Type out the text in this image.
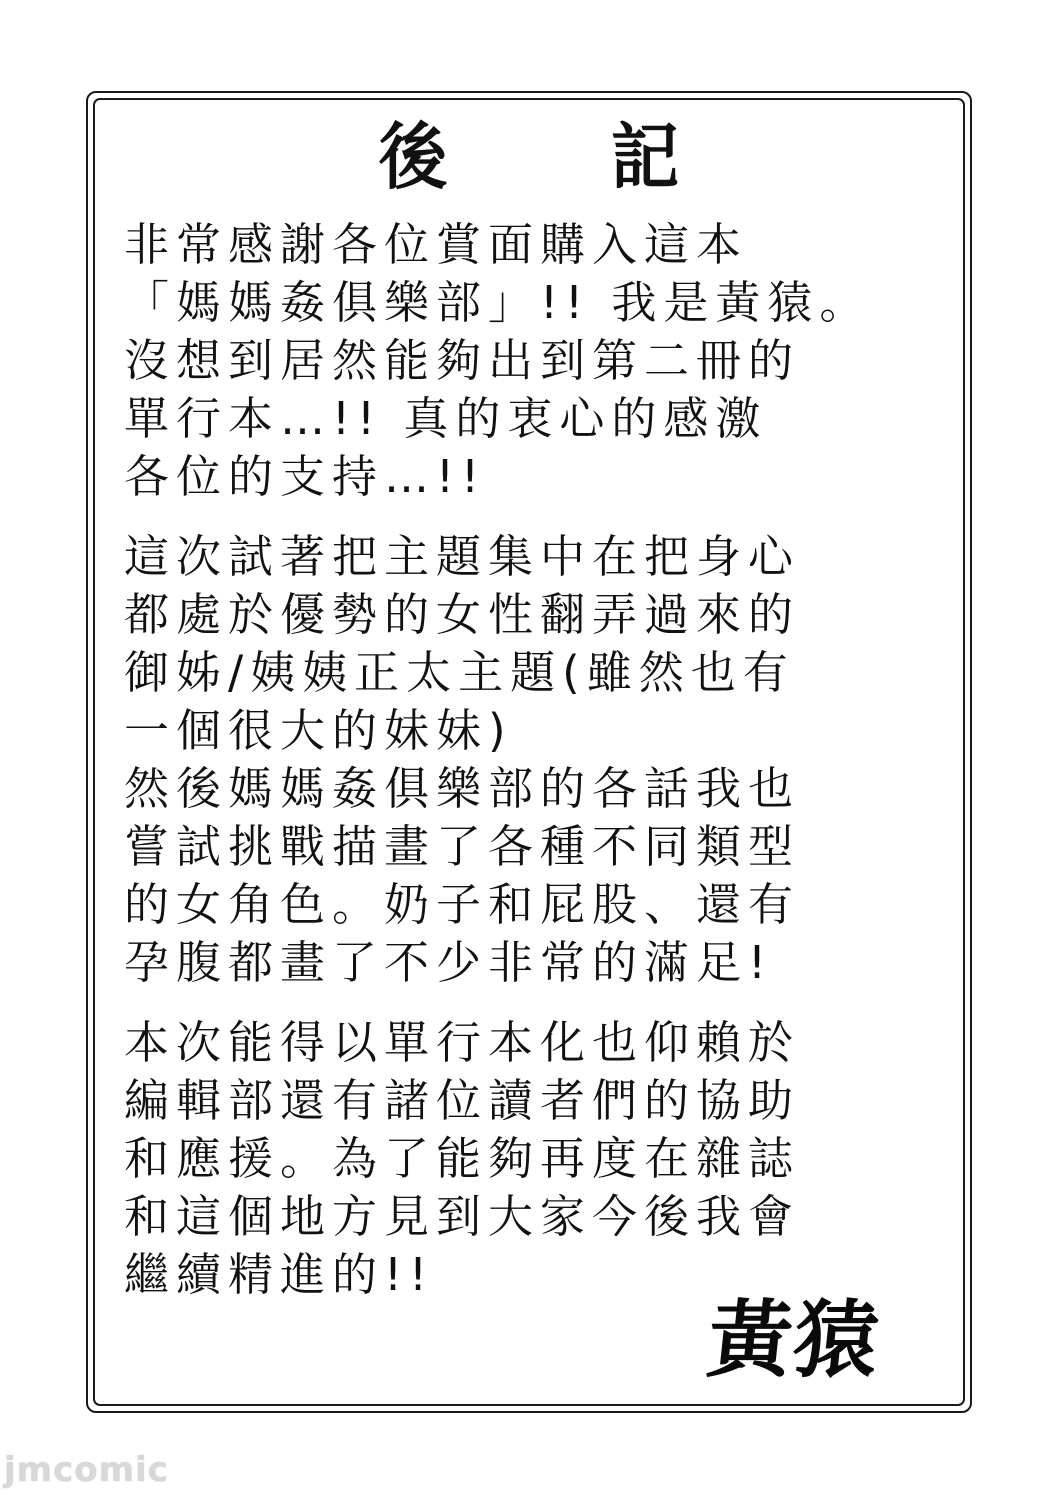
後 記
非常感謝各位賞面購入這本
「媽媽姦俱樂部」!! 我是黃猿。
沒想到居然能夠出到第二冊的
單行本…!! 真的衷心的感激
各位的支持…!!
這次試著把主題集中在把身心
都處於優勢的女性翻弄過來的
御姊/姨姨正太主題(雖然也有
一個很大的妹妹)
然後媽媽姦俱樂部的各話我也
嘗試挑戰描畫了各種不同類型
的女角色。奶子和屁股、還有
孕腹都畫了不少非常的滿足!
本次能得以單行本化也仰賴於
編輯部還有諸位讀者們的協助
和應援。為了能夠再度在雜誌
和這個地方見到大家今後我會
繼續精進的!!
黃猿
jmcomic
